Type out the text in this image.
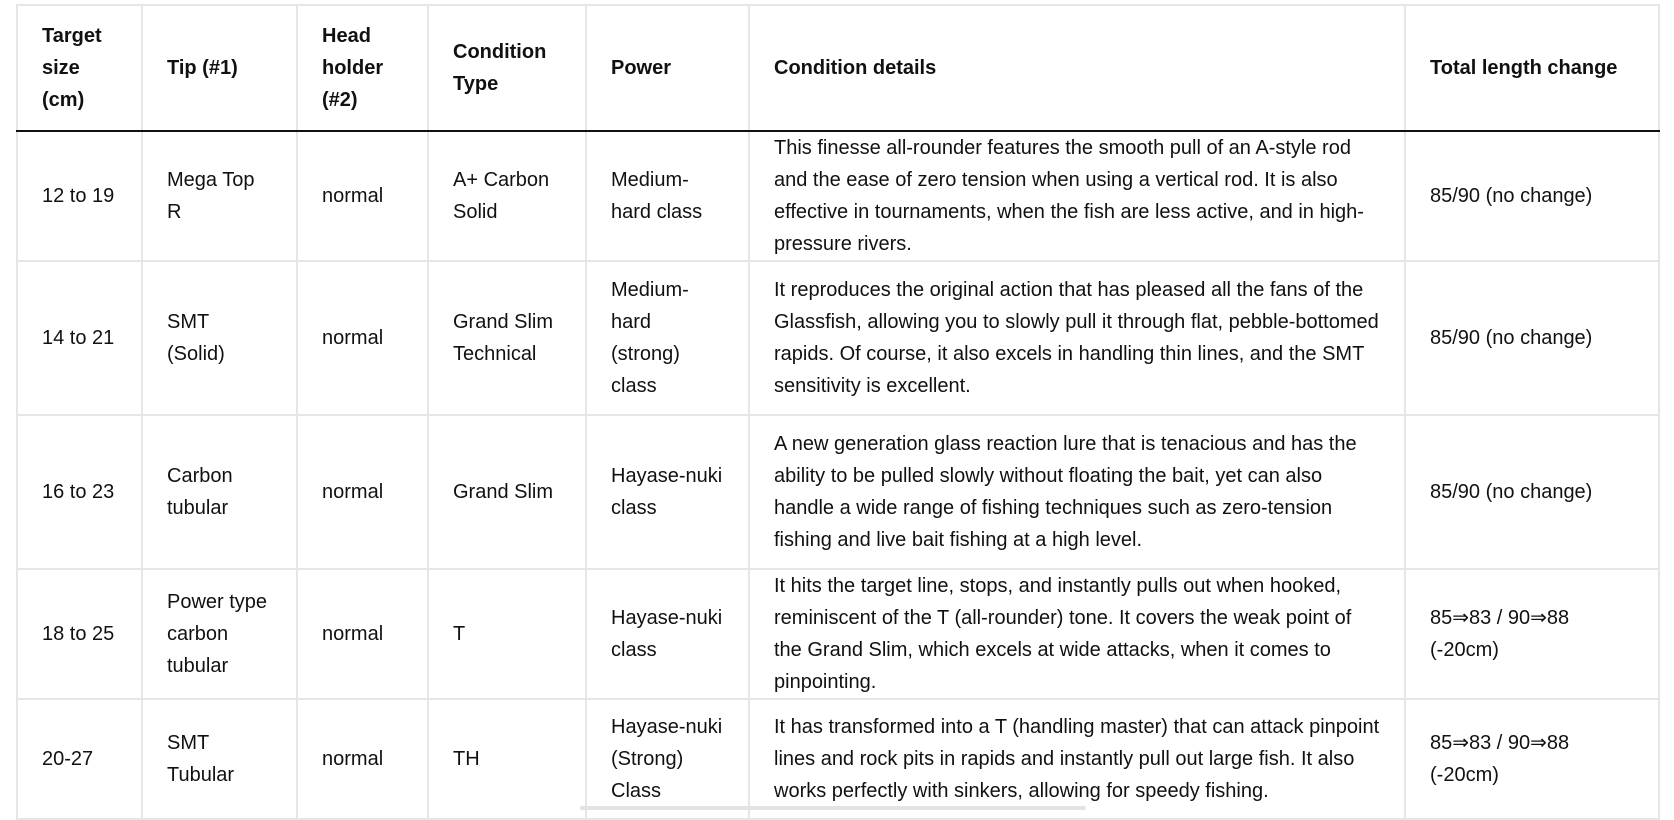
Target size (cm)	Tip (#1)	Head holder (#2)	Condition Type	Power	Condition details	Total length change
12 to 19	Mega Top R	normal	A+ Carbon Solid	Medium-hard class	This finesse all-rounder features the smooth pull of an A-style rod and the ease of zero tension when using a vertical rod. It is also effective in tournaments, when the fish are less active, and in high-pressure rivers.	85/90 (no change)
14 to 21	SMT (Solid)	normal	Grand Slim Technical	Medium-hard (strong) class	It reproduces the original action that has pleased all the fans of the Glassfish, allowing you to slowly pull it through flat, pebble-bottomed rapids. Of course, it also excels in handling thin lines, and the SMT sensitivity is excellent.	85/90 (no change)
16 to 23	Carbon tubular	normal	Grand Slim	Hayase-nuki class	A new generation glass reaction lure that is tenacious and has the ability to be pulled slowly without floating the bait, yet can also handle a wide range of fishing techniques such as zero-tension fishing and live bait fishing at a high level.	85/90 (no change)
18 to 25	Power type carbon tubular	normal	T	Hayase-nuki class	It hits the target line, stops, and instantly pulls out when hooked, reminiscent of the T (all-rounder) tone. It covers the weak point of the Grand Slim, which excels at wide attacks, when it comes to pinpointing.	85⇒83 / 90⇒88 (-20cm)
20-27	SMT Tubular	normal	TH	Hayase-nuki (Strong) Class	It has transformed into a T (handling master) that can attack pinpoint lines and rock pits in rapids and instantly pull out large fish. It also works perfectly with sinkers, allowing for speedy fishing.	85⇒83 / 90⇒88 (-20cm)
